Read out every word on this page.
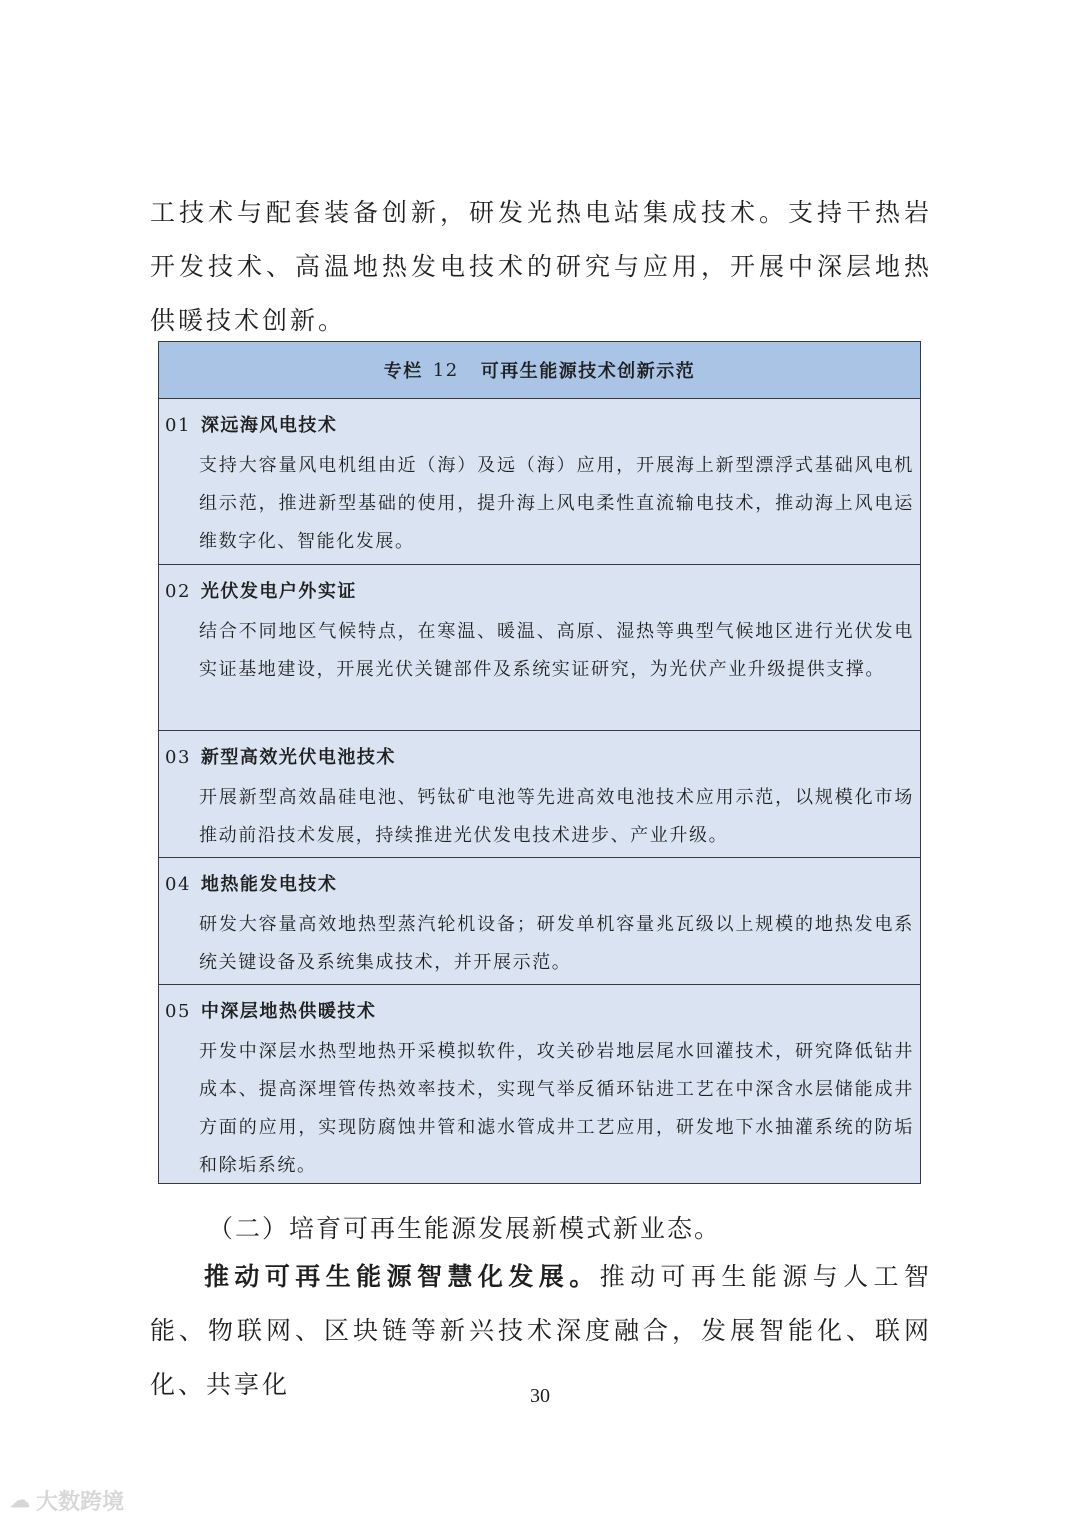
工技术与配套装备创新，研发光热电站集成技术。支持干热岩开发技术、高温地热发电技术的研究与应用，开展中深层地热供暖技术创新。

专栏 12 可再生能源技术创新示范
01 深远海风电技术
支持大容量风电机组由近（海）及远（海）应用，开展海上新型漂浮式基础风电机组示范，推进新型基础的使用，提升海上风电柔性直流输电技术，推动海上风电运维数字化、智能化发展。
02 光伏发电户外实证
结合不同地区气候特点，在寒温、暖温、高原、湿热等典型气候地区进行光伏发电实证基地建设，开展光伏关键部件及系统实证研究，为光伏产业升级提供支撑。
03 新型高效光伏电池技术
开展新型高效晶硅电池、钙钛矿电池等先进高效电池技术应用示范，以规模化市场推动前沿技术发展，持续推进光伏发电技术进步、产业升级。
04 地热能发电技术
研发大容量高效地热型蒸汽轮机设备；研发单机容量兆瓦级以上规模的地热发电系统关键设备及系统集成技术，并开展示范。
05 中深层地热供暖技术
开发中深层水热型地热开采模拟软件，攻关砂岩地层尾水回灌技术，研究降低钻井成本、提高深埋管传热效率技术，实现气举反循环钻进工艺在中深含水层储能成井方面的应用，实现防腐蚀井管和滤水管成井工艺应用，研发地下水抽灌系统的防垢和除垢系统。

（二）培育可再生能源发展新模式新业态。

推动可再生能源智慧化发展。推动可再生能源与人工智能、物联网、区块链等新兴技术深度融合，发展智能化、联网化、共享化	30
☁ 大数跨境
